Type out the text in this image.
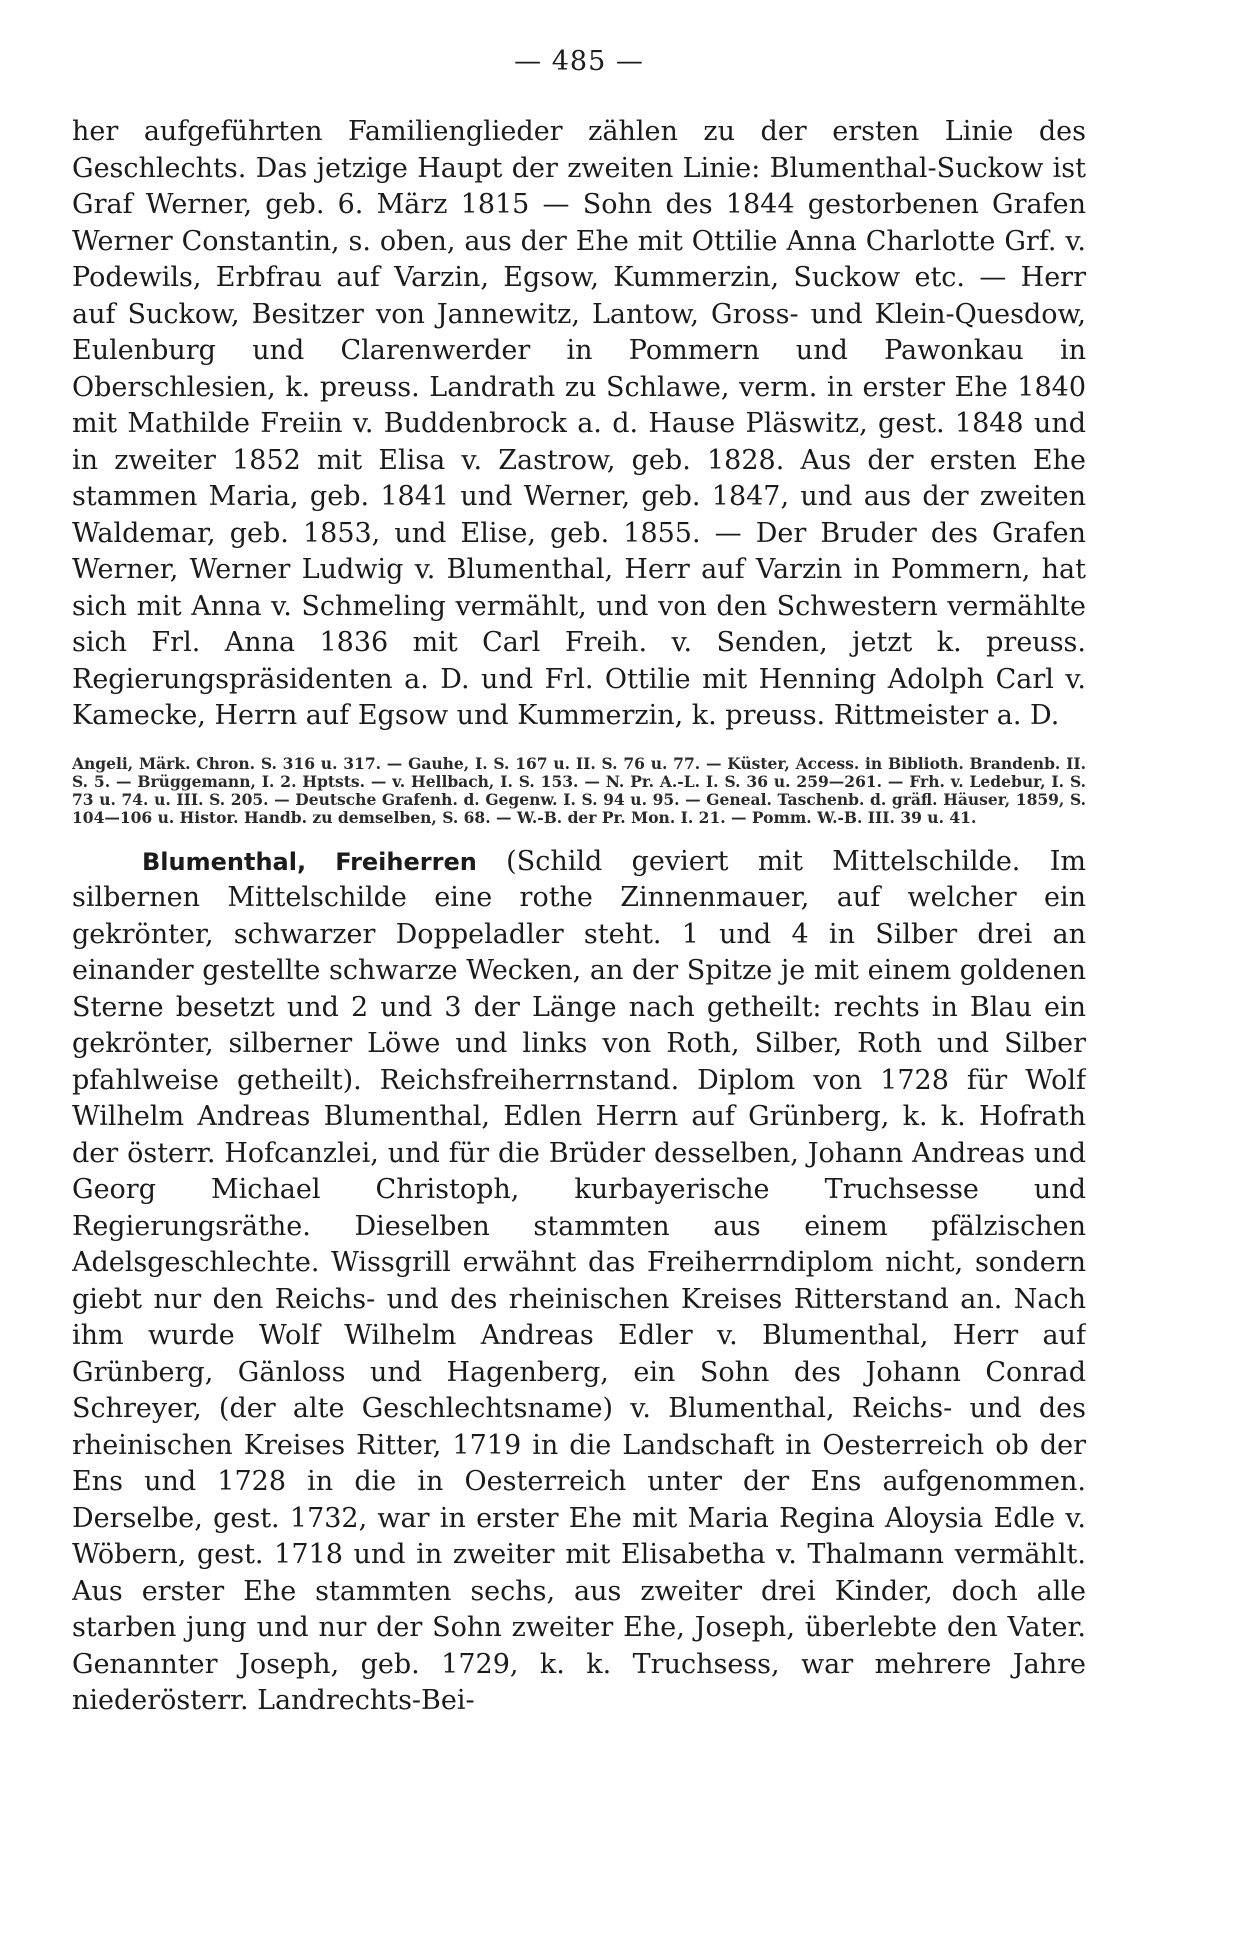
— 485 —

her aufgeführten Familienglieder zählen zu der ersten Linie des Geschlechts. Das jetzige Haupt der zweiten Linie: Blumenthal-Suckow ist Graf Werner, geb. 6. März 1815 — Sohn des 1844 gestorbenen Grafen Werner Constantin, s. oben, aus der Ehe mit Ottilie Anna Charlotte Grf. v. Podewils, Erbfrau auf Varzin, Egsow, Kummerzin, Suckow etc. — Herr auf Suckow, Besitzer von Jannewitz, Lantow, Gross- und Klein-Quesdow, Eulenburg und Clarenwerder in Pommern und Pawonkau in Oberschlesien, k. preuss. Landrath zu Schlawe, verm. in erster Ehe 1840 mit Mathilde Freiin v. Buddenbrock a. d. Hause Pläswitz, gest. 1848 und in zweiter 1852 mit Elisa v. Zastrow, geb. 1828. Aus der ersten Ehe stammen Maria, geb. 1841 und Werner, geb. 1847, und aus der zweiten Waldemar, geb. 1853, und Elise, geb. 1855. — Der Bruder des Grafen Werner, Werner Ludwig v. Blumenthal, Herr auf Varzin in Pommern, hat sich mit Anna v. Schmeling vermählt, und von den Schwestern vermählte sich Frl. Anna 1836 mit Carl Freih. v. Senden, jetzt k. preuss. Regierungspräsidenten a. D. und Frl. Ottilie mit Henning Adolph Carl v. Kamecke, Herrn auf Egsow und Kummerzin, k. preuss. Rittmeister a. D.

Angeli, Märk. Chron. S. 316 u. 317. — Gauhe, I. S. 167 u. II. S. 76 u. 77. — Küster, Access. in Biblioth. Brandenb. II. S. 5. — Brüggemann, I. 2. Hptsts. — v. Hellbach, I. S. 153. — N. Pr. A.-L. I. S. 36 u. 259—261. — Frh. v. Ledebur, I. S. 73 u. 74. u. III. S. 205. — Deutsche Grafenh. d. Gegenw. I. S. 94 u. 95. — Geneal. Taschenb. d. gräfl. Häuser, 1859, S. 104—106 u. Histor. Handb. zu demselben, S. 68. — W.-B. der Pr. Mon. I. 21. — Pomm. W.-B. III. 39 u. 41.

Blumenthal, Freiherren (Schild geviert mit Mittelschilde. Im silbernen Mittelschilde eine rothe Zinnenmauer, auf welcher ein gekrönter, schwarzer Doppeladler steht. 1 und 4 in Silber drei an einander gestellte schwarze Wecken, an der Spitze je mit einem goldenen Sterne besetzt und 2 und 3 der Länge nach getheilt: rechts in Blau ein gekrönter, silberner Löwe und links von Roth, Silber, Roth und Silber pfahlweise getheilt). Reichsfreiherrnstand. Diplom von 1728 für Wolf Wilhelm Andreas Blumenthal, Edlen Herrn auf Grünberg, k. k. Hofrath der österr. Hofcanzlei, und für die Brüder desselben, Johann Andreas und Georg Michael Christoph, kurbayerische Truchsesse und Regierungsräthe. Dieselben stammten aus einem pfälzischen Adelsgeschlechte. Wissgrill erwähnt das Freiherrndiplom nicht, sondern giebt nur den Reichs- und des rheinischen Kreises Ritterstand an. Nach ihm wurde Wolf Wilhelm Andreas Edler v. Blumenthal, Herr auf Grünberg, Gänloss und Hagenberg, ein Sohn des Johann Conrad Schreyer, (der alte Geschlechtsname) v. Blumenthal, Reichs- und des rheinischen Kreises Ritter, 1719 in die Landschaft in Oesterreich ob der Ens und 1728 in die in Oesterreich unter der Ens aufgenommen. Derselbe, gest. 1732, war in erster Ehe mit Maria Regina Aloysia Edle v. Wöbern, gest. 1718 und in zweiter mit Elisabetha v. Thalmann vermählt. Aus erster Ehe stammten sechs, aus zweiter drei Kinder, doch alle starben jung und nur der Sohn zweiter Ehe, Joseph, überlebte den Vater. Genannter Joseph, geb. 1729, k. k. Truchsess, war mehrere Jahre niederösterr. Landrechts-Bei-
